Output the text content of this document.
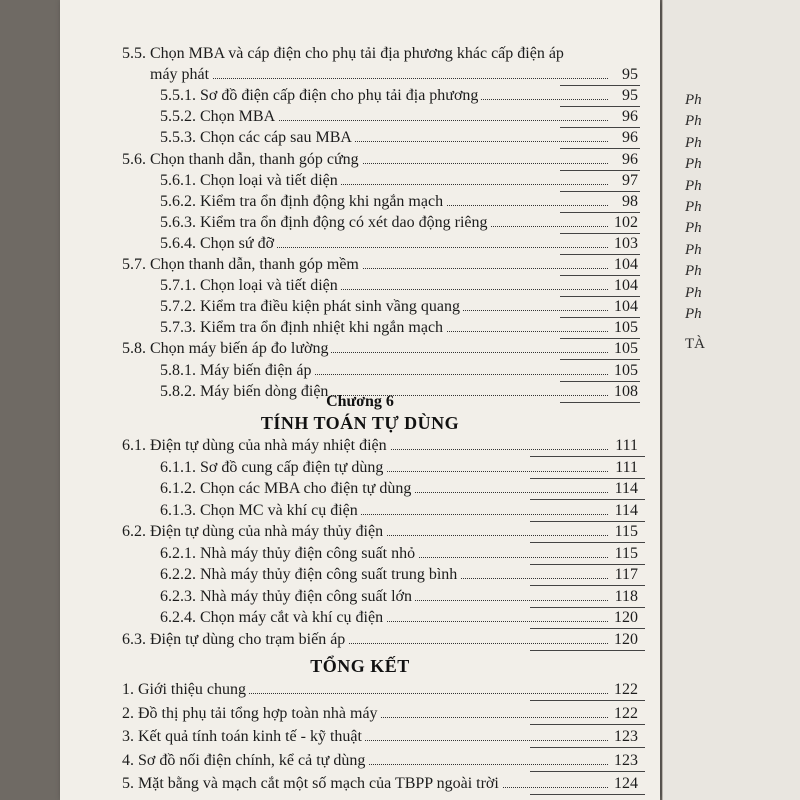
5.5. Chọn MBA và cáp điện cho phụ tải địa phương khác cấp điện áp
máy phát	95
5.5.1. Sơ đồ điện cấp điện cho phụ tải địa phương	95
5.5.2. Chọn MBA	96
5.5.3. Chọn các cáp sau MBA	96
5.6. Chọn thanh dẫn, thanh góp cứng	96
5.6.1. Chọn loại và tiết diện	97
5.6.2. Kiểm tra ổn định động khi ngắn mạch	98
5.6.3. Kiểm tra ổn định động có xét dao động riêng	102
5.6.4. Chọn sứ đỡ	103
5.7. Chọn thanh dẫn, thanh góp mềm	104
5.7.1. Chọn loại và tiết diện	104
5.7.2. Kiểm tra điều kiện phát sinh vầng quang	104
5.7.3. Kiểm tra ổn định nhiệt khi ngắn mạch	105
5.8. Chọn máy biến áp đo lường	105
5.8.1. Máy biến điện áp	105
5.8.2. Máy biến dòng điện	108
Chương 6
TÍNH TOÁN TỰ DÙNG
6.1. Điện tự dùng của nhà máy nhiệt điện	111
6.1.1. Sơ đồ cung cấp điện tự dùng	111
6.1.2. Chọn các MBA cho điện tự dùng	114
6.1.3. Chọn MC và khí cụ điện	114
6.2. Điện tự dùng của nhà máy thủy điện	115
6.2.1. Nhà máy thủy điện công suất nhỏ	115
6.2.2. Nhà máy thủy điện công suất trung bình	117
6.2.3. Nhà máy thủy điện công suất lớn	118
6.2.4. Chọn máy cắt và khí cụ điện	120
6.3. Điện tự dùng cho trạm biến áp	120
TỔNG KẾT
1. Giới thiệu chung	122
2. Đồ thị phụ tải tổng hợp toàn nhà máy	122
3. Kết quả tính toán kinh tế - kỹ thuật	123
4. Sơ đồ nối điện chính, kể cả tự dùng	123
5. Mặt bằng và mạch cắt một số mạch của TBPP ngoài trời	124
Ph
Ph
Ph
Ph
Ph
Ph
Ph
Ph
Ph
Ph
Ph
TÀ
